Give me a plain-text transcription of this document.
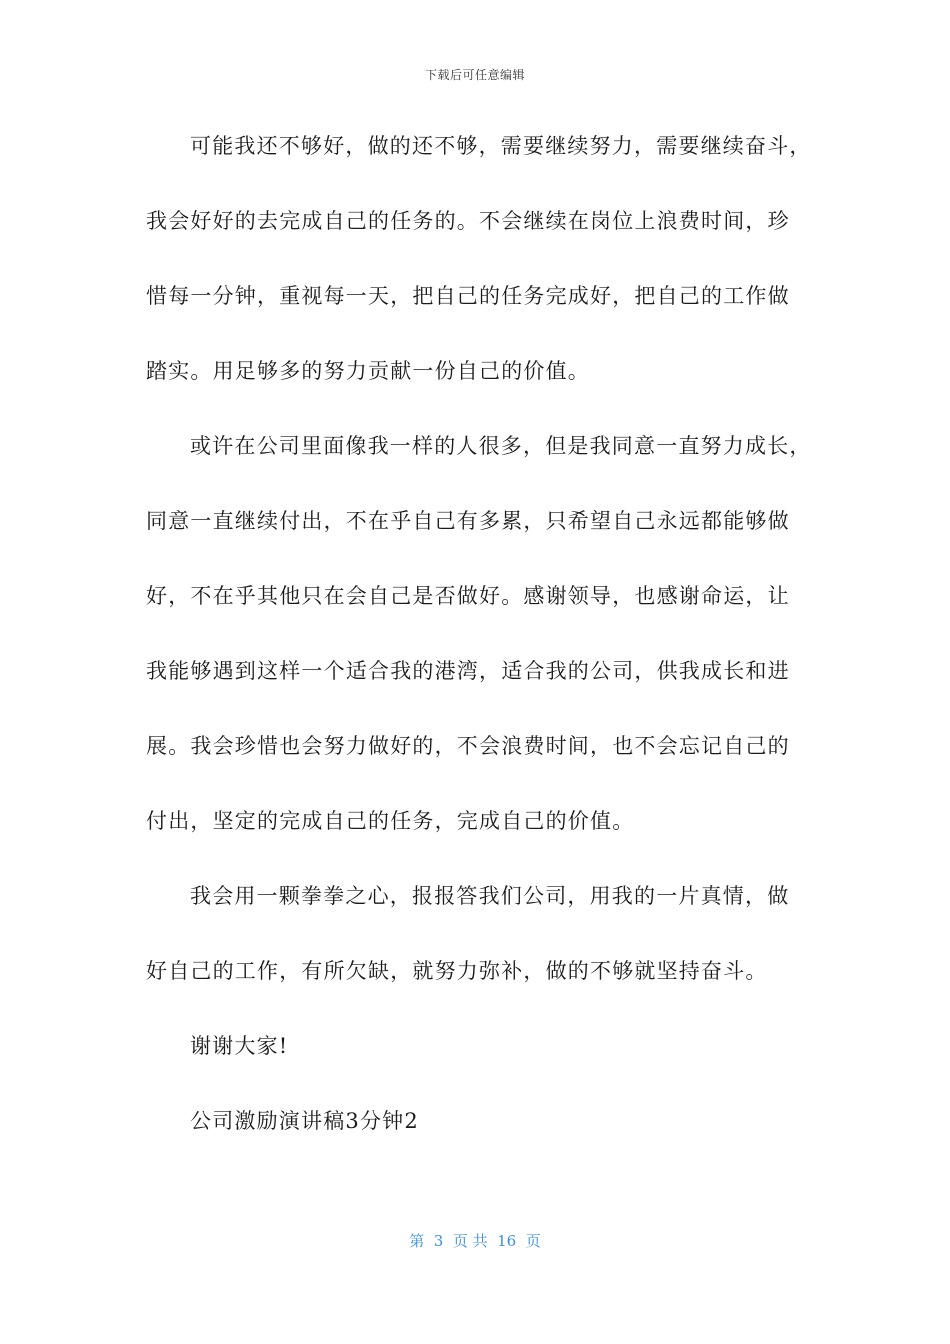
下载后可任意编辑
可能我还不够好，做的还不够，需要继续努力，需要继续奋斗，
我会好好的去完成自己的任务的。不会继续在岗位上浪费时间，珍
惜每一分钟，重视每一天，把自己的任务完成好，把自己的工作做
踏实。用足够多的努力贡献一份自己的价值。
或许在公司里面像我一样的人很多，但是我同意一直努力成长，
同意一直继续付出，不在乎自己有多累，只希望自己永远都能够做
好，不在乎其他只在会自己是否做好。感谢领导，也感谢命运，让
我能够遇到这样一个适合我的港湾，适合我的公司，供我成长和进
展。我会珍惜也会努力做好的，不会浪费时间，也不会忘记自己的
付出，坚定的完成自己的任务，完成自己的价值。
我会用一颗拳拳之心，报报答我们公司，用我的一片真情，做
好自己的工作，有所欠缺，就努力弥补，做的不够就坚持奋斗。
谢谢大家!
公司激励演讲稿3分钟2
第  3  页 共  16  页
